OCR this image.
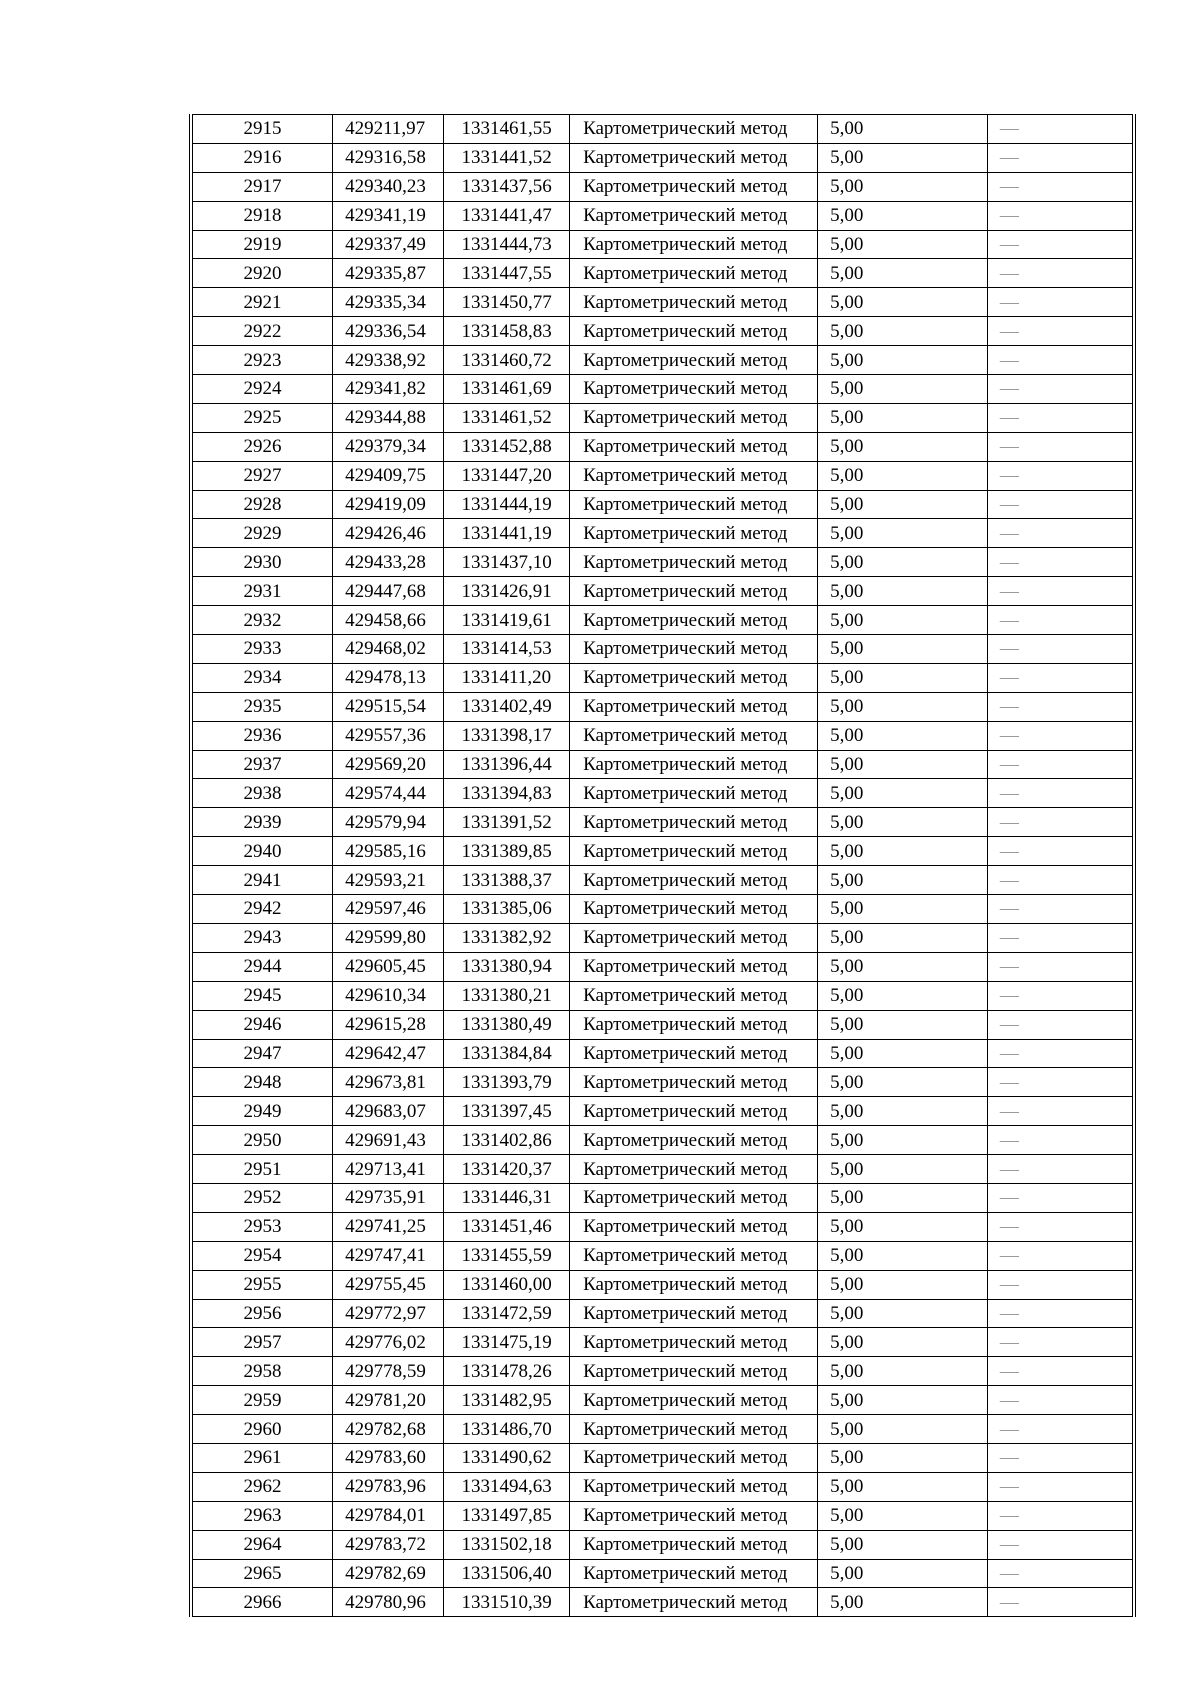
2915	429211,97	1331461,55	Картометрический метод	5,00	—
2916	429316,58	1331441,52	Картометрический метод	5,00	—
2917	429340,23	1331437,56	Картометрический метод	5,00	—
2918	429341,19	1331441,47	Картометрический метод	5,00	—
2919	429337,49	1331444,73	Картометрический метод	5,00	—
2920	429335,87	1331447,55	Картометрический метод	5,00	—
2921	429335,34	1331450,77	Картометрический метод	5,00	—
2922	429336,54	1331458,83	Картометрический метод	5,00	—
2923	429338,92	1331460,72	Картометрический метод	5,00	—
2924	429341,82	1331461,69	Картометрический метод	5,00	—
2925	429344,88	1331461,52	Картометрический метод	5,00	—
2926	429379,34	1331452,88	Картометрический метод	5,00	—
2927	429409,75	1331447,20	Картометрический метод	5,00	—
2928	429419,09	1331444,19	Картометрический метод	5,00	—
2929	429426,46	1331441,19	Картометрический метод	5,00	—
2930	429433,28	1331437,10	Картометрический метод	5,00	—
2931	429447,68	1331426,91	Картометрический метод	5,00	—
2932	429458,66	1331419,61	Картометрический метод	5,00	—
2933	429468,02	1331414,53	Картометрический метод	5,00	—
2934	429478,13	1331411,20	Картометрический метод	5,00	—
2935	429515,54	1331402,49	Картометрический метод	5,00	—
2936	429557,36	1331398,17	Картометрический метод	5,00	—
2937	429569,20	1331396,44	Картометрический метод	5,00	—
2938	429574,44	1331394,83	Картометрический метод	5,00	—
2939	429579,94	1331391,52	Картометрический метод	5,00	—
2940	429585,16	1331389,85	Картометрический метод	5,00	—
2941	429593,21	1331388,37	Картометрический метод	5,00	—
2942	429597,46	1331385,06	Картометрический метод	5,00	—
2943	429599,80	1331382,92	Картометрический метод	5,00	—
2944	429605,45	1331380,94	Картометрический метод	5,00	—
2945	429610,34	1331380,21	Картометрический метод	5,00	—
2946	429615,28	1331380,49	Картометрический метод	5,00	—
2947	429642,47	1331384,84	Картометрический метод	5,00	—
2948	429673,81	1331393,79	Картометрический метод	5,00	—
2949	429683,07	1331397,45	Картометрический метод	5,00	—
2950	429691,43	1331402,86	Картометрический метод	5,00	—
2951	429713,41	1331420,37	Картометрический метод	5,00	—
2952	429735,91	1331446,31	Картометрический метод	5,00	—
2953	429741,25	1331451,46	Картометрический метод	5,00	—
2954	429747,41	1331455,59	Картометрический метод	5,00	—
2955	429755,45	1331460,00	Картометрический метод	5,00	—
2956	429772,97	1331472,59	Картометрический метод	5,00	—
2957	429776,02	1331475,19	Картометрический метод	5,00	—
2958	429778,59	1331478,26	Картометрический метод	5,00	—
2959	429781,20	1331482,95	Картометрический метод	5,00	—
2960	429782,68	1331486,70	Картометрический метод	5,00	—
2961	429783,60	1331490,62	Картометрический метод	5,00	—
2962	429783,96	1331494,63	Картометрический метод	5,00	—
2963	429784,01	1331497,85	Картометрический метод	5,00	—
2964	429783,72	1331502,18	Картометрический метод	5,00	—
2965	429782,69	1331506,40	Картометрический метод	5,00	—
2966	429780,96	1331510,39	Картометрический метод	5,00	—
